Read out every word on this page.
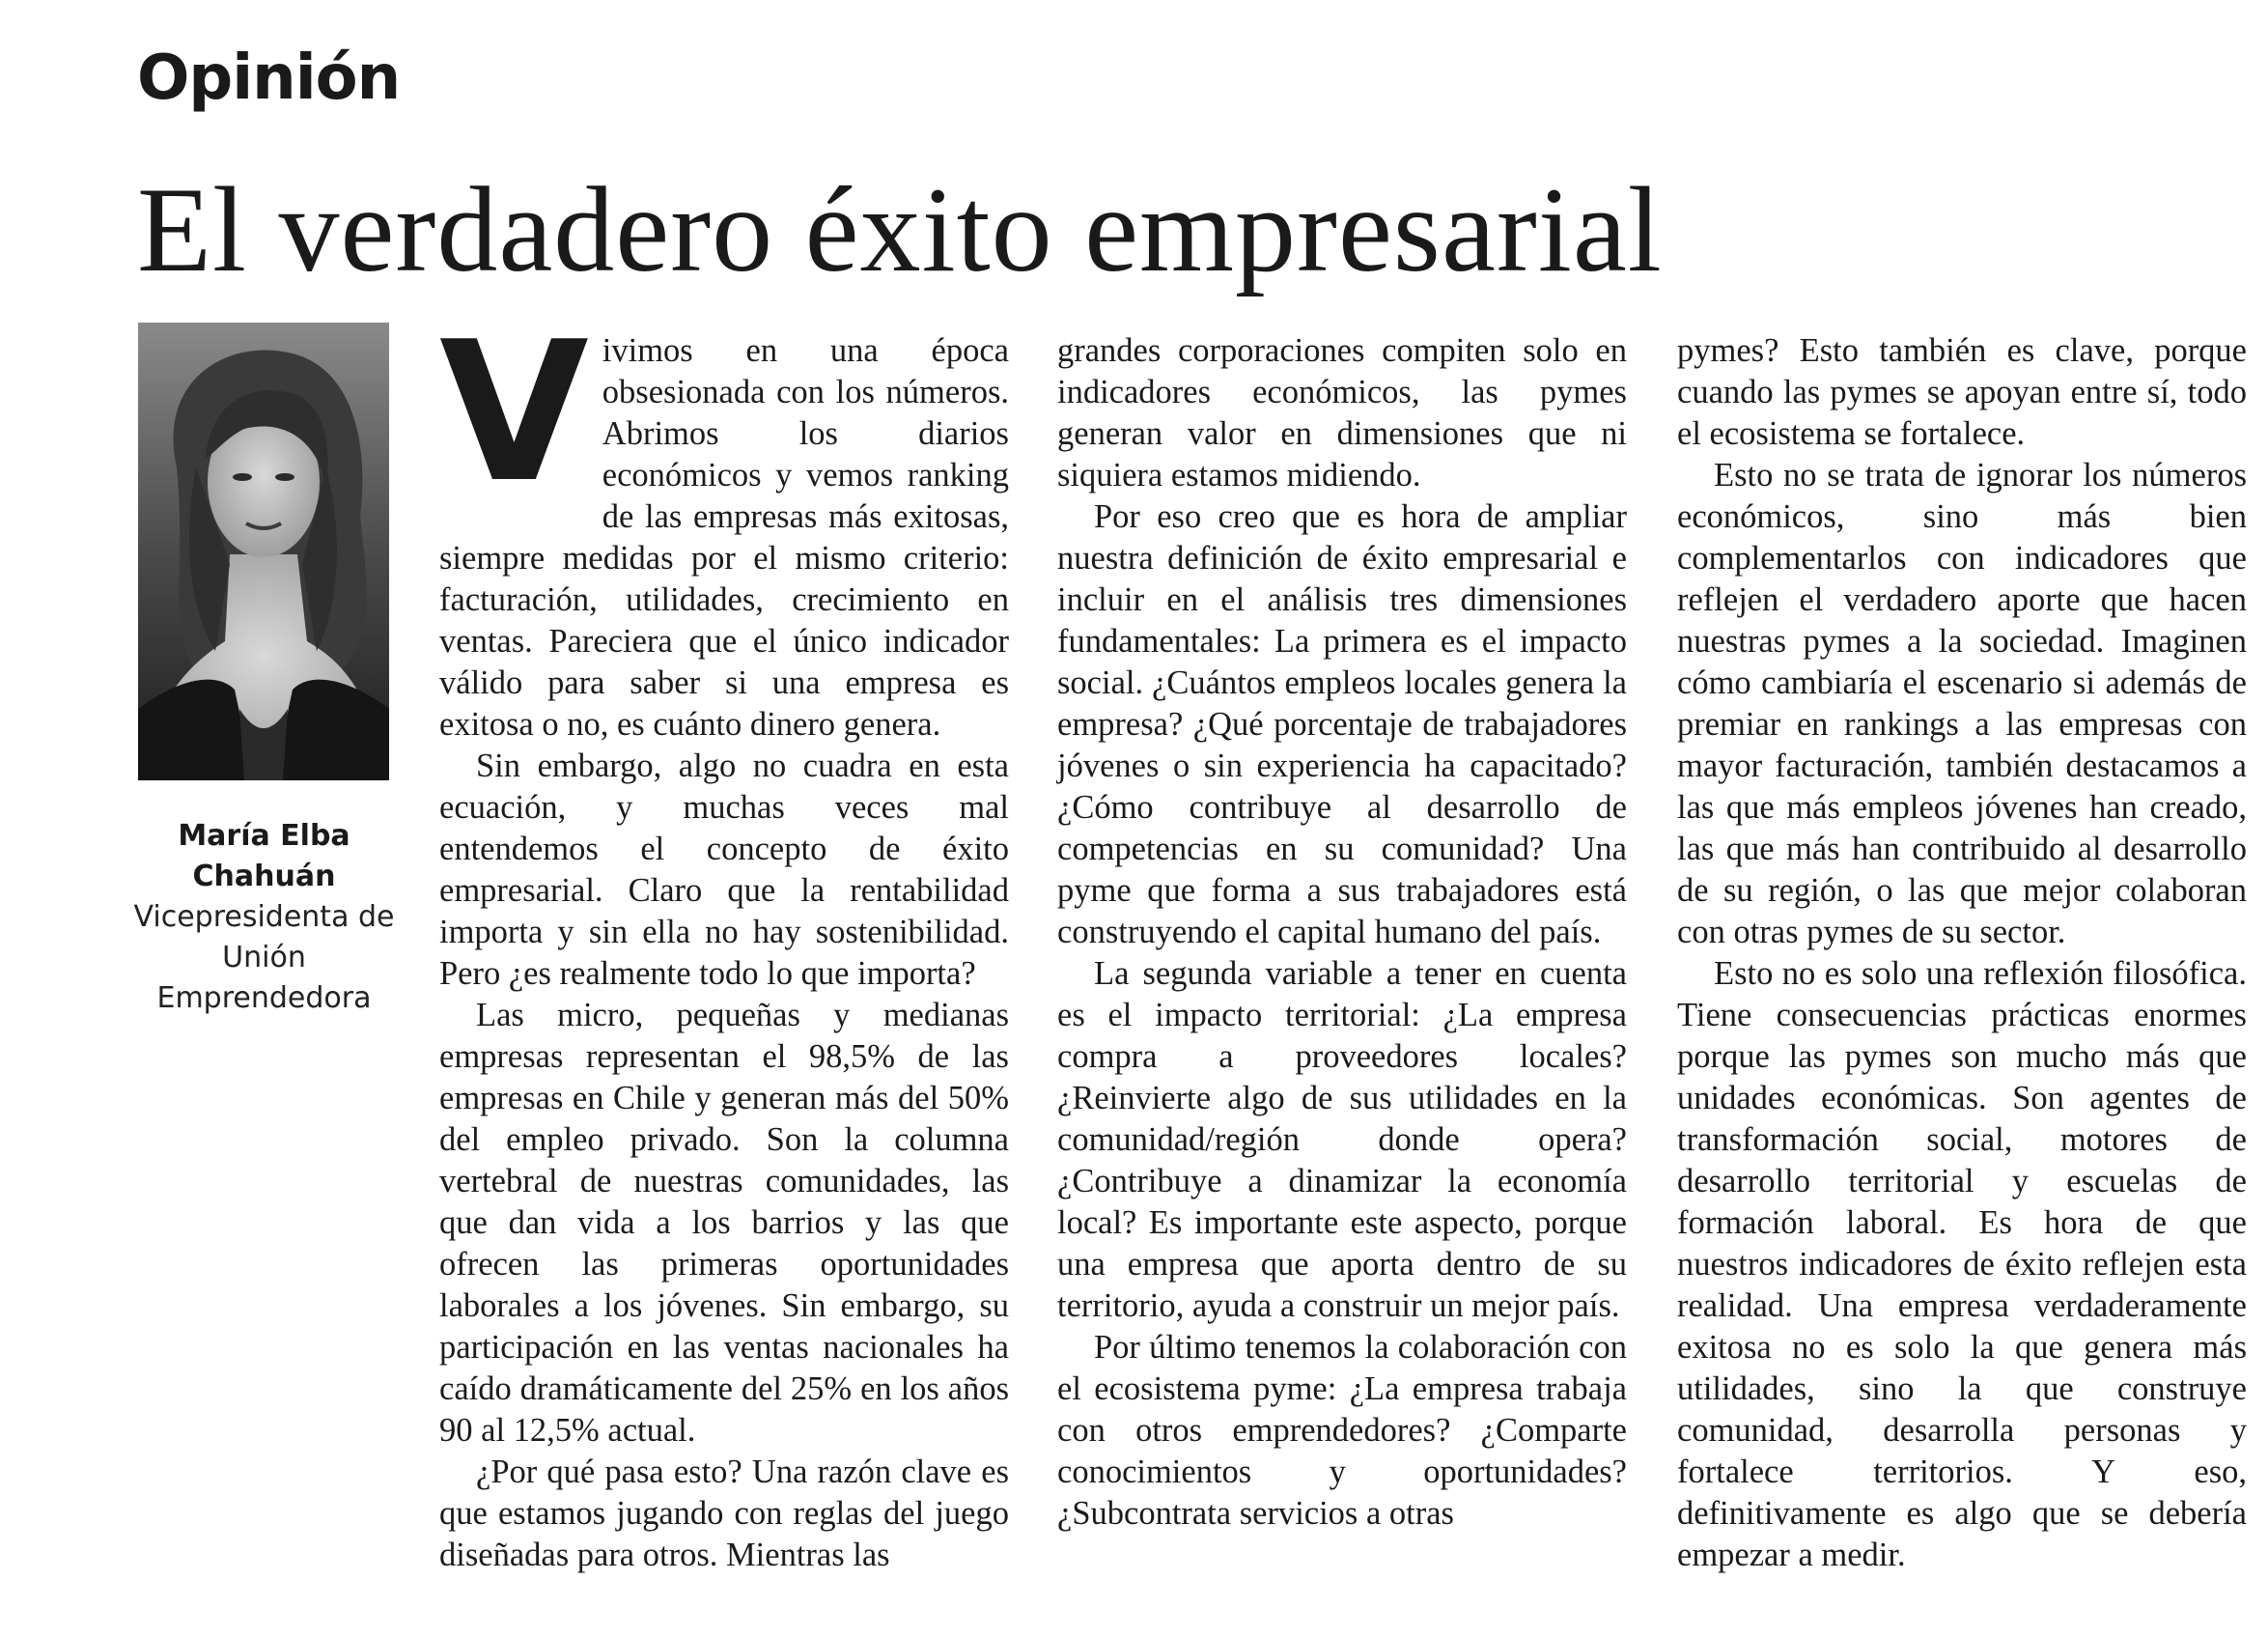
Opinión
El verdadero éxito empresarial
María Elba Chahuán
Vicepresidenta de Unión Emprendedora

Vivimos en una época obsesionada con los números. Abrimos los diarios económicos y vemos ranking de las empresas más exitosas, siempre medidas por el mismo criterio: facturación, utilidades, crecimiento en ventas. Pareciera que el único indicador válido para saber si una empresa es exitosa o no, es cuánto dinero genera.

Sin embargo, algo no cuadra en esta ecuación, y muchas veces mal entendemos el concepto de éxito empresarial. Claro que la rentabilidad importa y sin ella no hay sostenibilidad. Pero ¿es realmente todo lo que importa?

Las micro, pequeñas y medianas empresas representan el 98,5% de las empresas en Chile y generan más del 50% del empleo privado. Son la columna vertebral de nuestras comunidades, las que dan vida a los barrios y las que ofrecen las primeras oportunidades laborales a los jóvenes. Sin embargo, su participación en las ventas nacionales ha caído dramáticamente del 25% en los años 90 al 12,5% actual.

¿Por qué pasa esto? Una razón clave es que estamos jugando con reglas del juego diseñadas para otros. Mientras las

grandes corporaciones compiten solo en indicadores económicos, las pymes generan valor en dimensiones que ni siquiera estamos midiendo.

Por eso creo que es hora de ampliar nuestra definición de éxito empresarial e incluir en el análisis tres dimensiones fundamentales: La primera es el impacto social. ¿Cuántos empleos locales genera la empresa? ¿Qué porcentaje de trabajadores jóvenes o sin experiencia ha capacitado? ¿Cómo contribuye al desarrollo de competencias en su comunidad? Una pyme que forma a sus trabajadores está construyendo el capital humano del país.

La segunda variable a tener en cuenta es el impacto territorial: ¿La empresa compra a proveedores locales? ¿Reinvierte algo de sus utilidades en la comunidad/región donde opera? ¿Contribuye a dinamizar la economía local? Es importante este aspecto, porque una empresa que aporta dentro de su territorio, ayuda a construir un mejor país.

Por último tenemos la colaboración con el ecosistema pyme: ¿La empresa trabaja con otros emprendedores? ¿Comparte conocimientos y oportunidades? ¿Subcontrata servicios a otras

pymes? Esto también es clave, porque cuando las pymes se apoyan entre sí, todo el ecosistema se fortalece.

Esto no se trata de ignorar los números económicos, sino más bien complementarlos con indicadores que reflejen el verdadero aporte que hacen nuestras pymes a la sociedad. Imaginen cómo cambiaría el escenario si además de premiar en rankings a las empresas con mayor facturación, también destacamos a las que más empleos jóvenes han creado, las que más han contribuido al desarrollo de su región, o las que mejor colaboran con otras pymes de su sector.

Esto no es solo una reflexión filosófica. Tiene consecuencias prácticas enormes porque las pymes son mucho más que unidades económicas. Son agentes de transformación social, motores de desarrollo territorial y escuelas de formación laboral. Es hora de que nuestros indicadores de éxito reflejen esta realidad. Una empresa verdaderamente exitosa no es solo la que genera más utilidades, sino la que construye comunidad, desarrolla personas y fortalece territorios. Y eso, definitivamente es algo que se debería empezar a medir.
